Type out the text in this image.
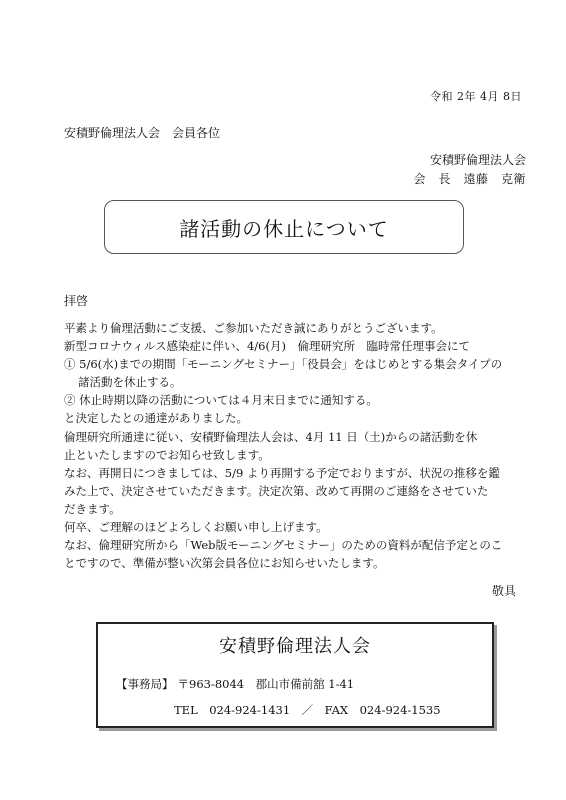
令和 2年 4月 8日
安積野倫理法人会　会員各位
安積野倫理法人会
会　長　遠藤　克衛
諸活動の休止について
拝啓

平素より倫理活動にご支援、ご参加いただき誠にありがとうございます。

新型コロナウィルス感染症に伴い、4/6(月)　倫理研究所　臨時常任理事会にて

① 5/6(水)までの期間「モーニングセミナー」「役員会」をはじめとする集会タイプの

諸活動を休止する。

② 休止時期以降の活動については４月末日までに通知する。

と決定したとの通達がありました。

倫理研究所通達に従い、安積野倫理法人会は、4月 11 日（土)からの諸活動を休

止といたしますのでお知らせ致します。

なお、再開日につきましては、5/9 より再開する予定でおりますが、状況の推移を鑑

みた上で、決定させていただきます。決定次第、改めて再開のご連絡をさせていた

だきます。

何卒、ご理解のほどよろしくお願い申し上げます。

なお、倫理研究所から「Web版モーニングセミナー」のための資料が配信予定とのこ

とですので、準備が整い次第会員各位にお知らせいたします。

敬具
安積野倫理法人会
【事務局】 〒963-8044　郡山市備前舘 1-41
TEL　024-924-1431　／　FAX　024-924-1535
